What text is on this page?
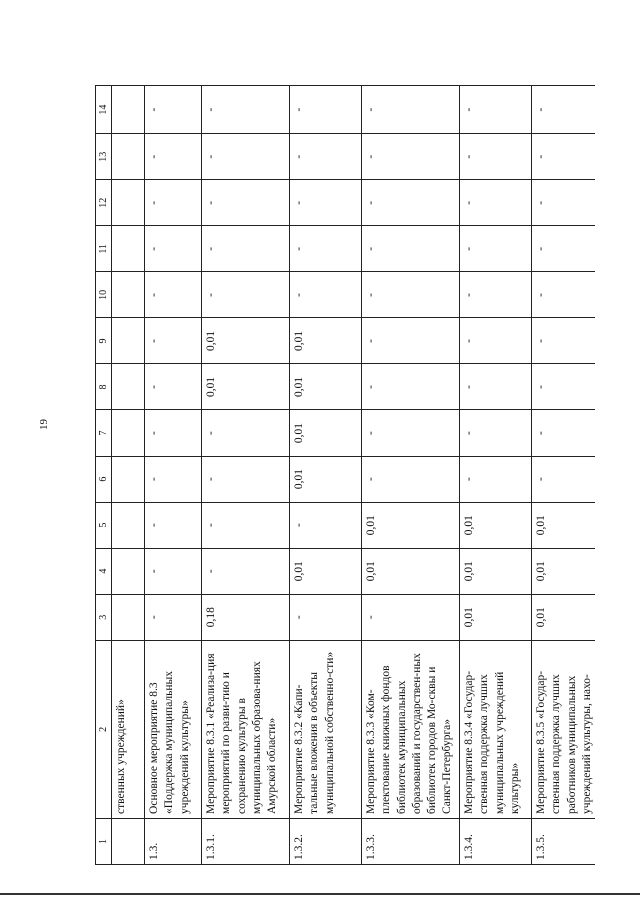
19
1	2	3	4	5	6	7	8	9	10	11	12	13	14
	ственных учреждений»												
1.3.	Основное мероприятие 8.3 «Поддержка муниципальных учреждений культуры»	-	-	-	-	-	-	-	-	-	-	-	-
1.3.1.	Мероприятие 8.3.1 «Реализа-ция мероприятий по разви-тию и сохранению культуры в муниципальных образова-ниях Амурской области»	0,18	-	-	-	-	0,01	0,01	-	-	-	-	-
1.3.2.	Мероприятие 8.3.2 «Капи-тальные вложения в объекты муниципальной собственно-сти»	-	0,01	-	0,01	0,01	0,01	0,01	-	-	-	-	-
1.3.3.	Мероприятие 8.3.3 «Ком-плектование книжных фондов библиотек муниципальных образований и государствен-ных библиотек городов Мо-сквы и Санкт-Петербурга»	-	0,01	0,01	-	-	-	-	-	-	-	-	-
1.3.4.	Мероприятие 8.3.4 «Государ-ственная поддержка лучших муниципальных учреждений культуры»	0,01	0,01	0,01	-	-	-	-	-	-	-	-	-
1.3.5.	Мероприятие 8.3.5 «Государ-ственная поддержка лучших работников муниципальных учреждений культуры, нахо-	0,01	0,01	0,01	-	-	-	-	-	-	-	-	-
